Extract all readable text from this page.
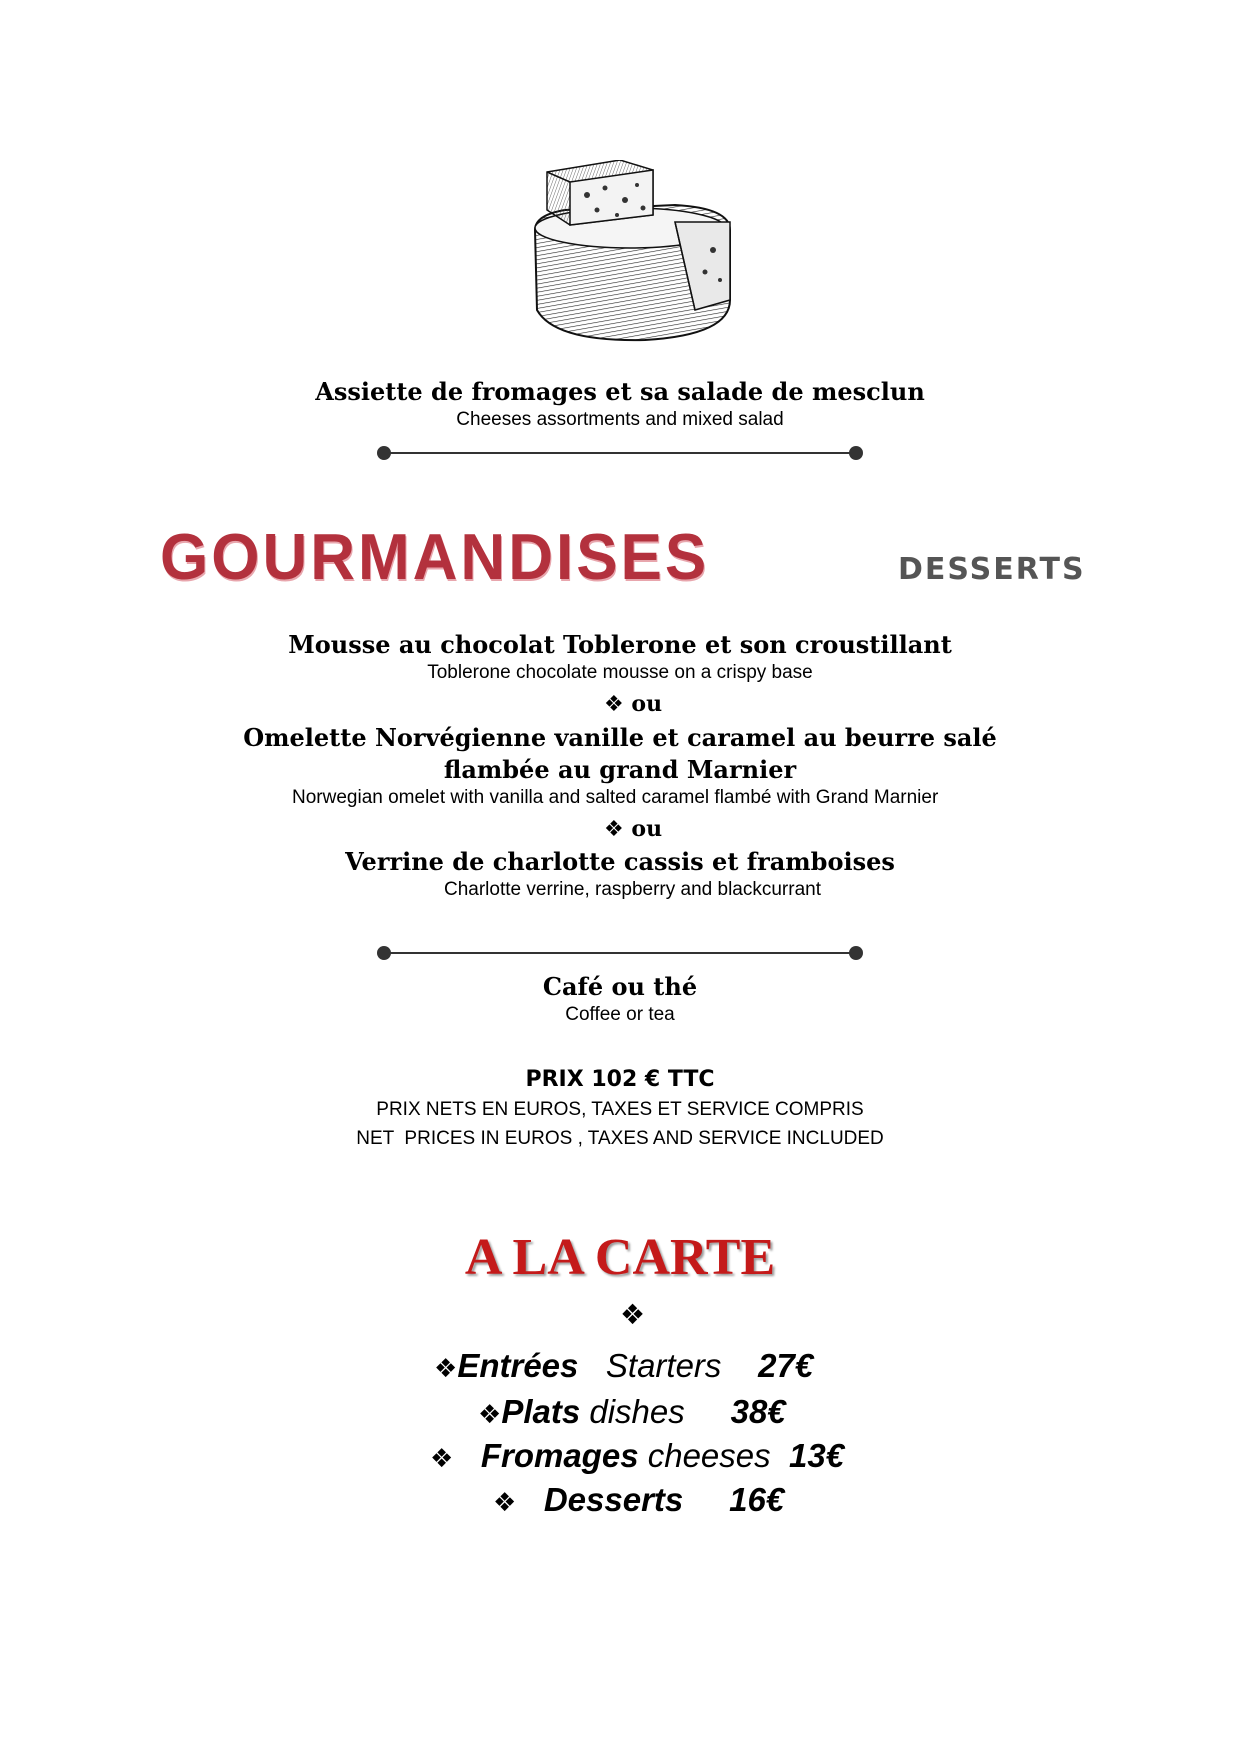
Assiette de fromages et sa salade de mesclun
Cheeses assortments and mixed salad
GOURMANDISES	DESSERTS
Mousse au chocolat Toblerone et son croustillant
Toblerone chocolate mousse on a crispy base
❖ ou
Omelette Norvégienne vanille et caramel au beurre salé
flambée au grand Marnier
Norwegian omelet with vanilla and salted caramel flambé with Grand Marnier
❖ ou
Verrine de charlotte cassis et framboises
Charlotte verrine, raspberry and blackcurrant
Café ou thé
Coffee or tea
PRIX 102 € TTC
PRIX NETS EN EUROS, TAXES ET SERVICE COMPRIS
NET  PRICES IN EUROS , TAXES AND SERVICE INCLUDED
A LA CARTE
❖
❖Entrées Starters 27€
❖Plats dishes 38€
❖ Fromages cheeses 13€
❖ Desserts 16€
